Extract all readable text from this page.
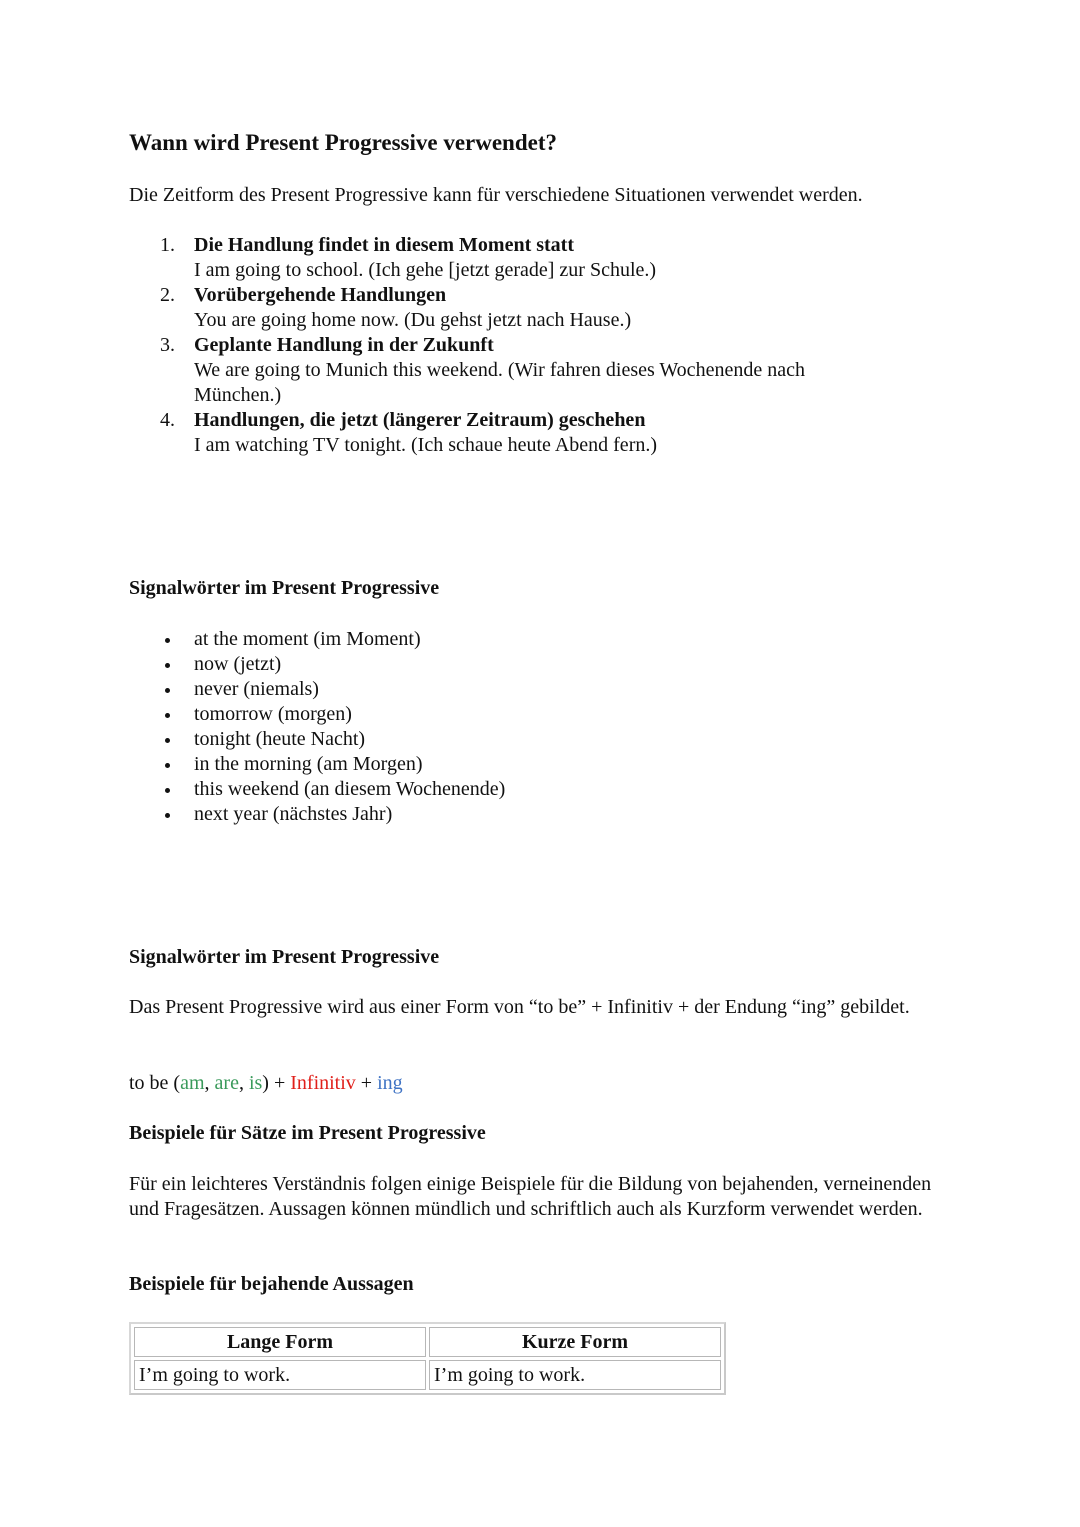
Wann wird Present Progressive verwendet?

Die Zeitform des Present Progressive kann für verschiedene Situationen verwendet werden.

1. Die Handlung findet in diesem Moment statt
I am going to school. (Ich gehe [jetzt gerade] zur Schule.)
2. Vorübergehende Handlungen
You are going home now. (Du gehst jetzt nach Hause.)
3. Geplante Handlung in der Zukunft
We are going to Munich this weekend. (Wir fahren dieses Wochenende nach München.)
4. Handlungen, die jetzt (längerer Zeitraum) geschehen
I am watching TV tonight. (Ich schaue heute Abend fern.)
Signalwörter im Present Progressive
at the moment (im Moment)
now (jetzt)
never (niemals)
tomorrow (morgen)
tonight (heute Nacht)
in the morning (am Morgen)
this weekend (an diesem Wochenende)
next year (nächstes Jahr)
Signalwörter im Present Progressive

Das Present Progressive wird aus einer Form von “to be” + Infinitiv + der Endung “ing” gebildet.

to be (am, are, is) + Infinitiv + ing

Beispiele für Sätze im Present Progressive

Für ein leichteres Verständnis folgen einige Beispiele für die Bildung von bejahenden, verneinenden und Fragesätzen. Aussagen können mündlich und schriftlich auch als Kurzform verwendet werden.

Beispiele für bejahende Aussagen
Lange Form	Kurze Form
I’m going to work.	I’m going to work.
